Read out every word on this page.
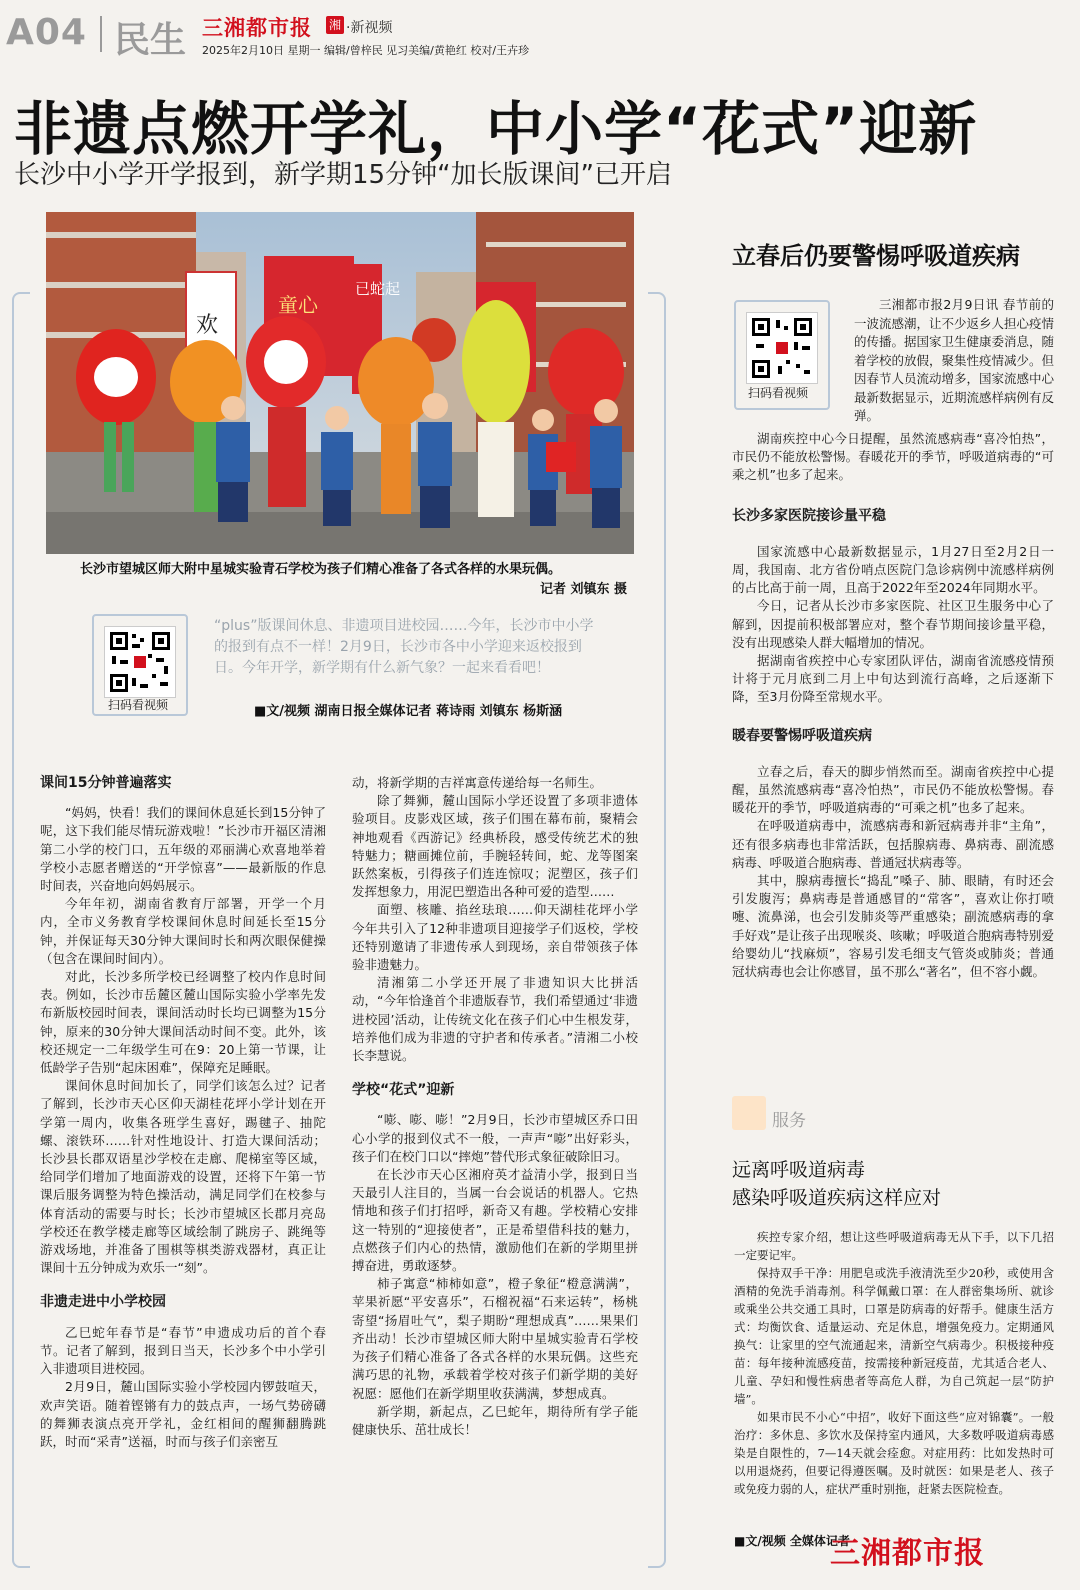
A04 民生 三湘都市报 湘 ·新视频
2025年2月10日 星期一 编辑/曾梓民 见习美编/黄艳红 校对/王卉珍
非遗点燃开学礼，中小学“花式”迎新
长沙中小学开学报到，新学期15分钟“加长版课间”已开启
欢
童心
已蛇起
长沙市望城区师大附中星城实验青石学校为孩子们精心准备了各式各样的水果玩偶。
记者 刘镇东 摄
扫码看视频
“plus”版课间休息、非遗项目进校园……今年，长沙市中小学的报到有点不一样！2月9日，长沙市各中小学迎来返校报到日。今年开学，新学期有什么新气象？一起来看看吧！
■文/视频 湖南日报全媒体记者 蒋诗雨 刘镇东 杨斯涵

课间15分钟普遍落实

“妈妈，快看！我们的课间休息延长到15分钟了呢，这下我们能尽情玩游戏啦！”长沙市开福区清湘第二小学的校门口，五年级的邓丽满心欢喜地举着学校小志愿者赠送的“开学惊喜”——最新版的作息时间表，兴奋地向妈妈展示。

今年年初，湖南省教育厅部署，开学一个月内，全市义务教育学校课间休息时间延长至15分钟，并保证每天30分钟大课间时长和两次眼保健操（包含在课间时间内）。

对此，长沙多所学校已经调整了校内作息时间表。例如，长沙市岳麓区麓山国际实验小学率先发布新版校园时间表，课间活动时长均已调整为15分钟，原来的30分钟大课间活动时间不变。此外，该校还规定一二年级学生可在9：20上第一节课，让低龄学子告别“起床困难”，保障充足睡眠。

课间休息时间加长了，同学们该怎么过？记者了解到，长沙市天心区仰天湖桂花坪小学计划在开学第一周内，收集各班学生喜好，踢毽子、抽陀螺、滚铁环……针对性地设计、打造大课间活动；长沙县长郡双语星沙学校在走廊、爬梯室等区域，给同学们增加了地面游戏的设置，还将下午第一节课后服务调整为特色操活动，满足同学们在校参与体育活动的需要与时长；长沙市望城区长郡月亮岛学校还在教学楼走廊等区域绘制了跳房子、跳绳等游戏场地，并准备了围棋等棋类游戏器材，真正让课间十五分钟成为欢乐一“刻”。

非遗走进中小学校园

乙巳蛇年春节是“春节”申遗成功后的首个春节。记者了解到，报到日当天，长沙多个中小学引入非遗项目进校园。

2月9日，麓山国际实验小学校园内锣鼓喧天，欢声笑语。随着铿锵有力的鼓点声，一场气势磅礴的舞狮表演点亮开学礼，金红相间的醒狮翻腾跳跃，时而“采青”送福，时而与孩子们亲密互

动，将新学期的吉祥寓意传递给每一名师生。

除了舞狮，麓山国际小学还设置了多项非遗体验项目。皮影戏区域，孩子们围在幕布前，聚精会神地观看《西游记》经典桥段，感受传统艺术的独特魅力；糖画摊位前，手腕轻转间，蛇、龙等图案跃然案板，引得孩子们连连惊叹；泥塑区，孩子们发挥想象力，用泥巴塑造出各种可爱的造型……

面塑、核雕、掐丝珐琅……仰天湖桂花坪小学今年共引入了12种非遗项目迎接学子们返校，学校还特别邀请了非遗传承人到现场，亲自带领孩子体验非遗魅力。

清湘第二小学还开展了非遗知识大比拼活动，“今年恰逢首个非遗版春节，我们希望通过‘非遗进校园’活动，让传统文化在孩子们心中生根发芽，培养他们成为非遗的守护者和传承者。”清湘二小校长李慧说。

学校“花式”迎新

“嘭、嘭、嘭！”2月9日，长沙市望城区乔口田心小学的报到仪式不一般，一声声“嘭”出好彩头，孩子们在校门口以“摔炮”替代形式象征破除旧习。

在长沙市天心区湘府英才益清小学，报到日当天最引人注目的，当属一台会说话的机器人。它热情地和孩子们打招呼，新奇又有趣。学校精心安排这一特别的“迎接使者”，正是希望借科技的魅力，点燃孩子们内心的热情，激励他们在新的学期里拼搏奋进，勇敢逐梦。

柿子寓意“柿柿如意”，橙子象征“橙意满满”，苹果祈愿“平安喜乐”，石榴祝福“石来运转”，杨桃寄望“扬眉吐气”，梨子期盼“理想成真”……果果们齐出动！长沙市望城区师大附中星城实验青石学校为孩子们精心准备了各式各样的水果玩偶。这些充满巧思的礼物，承载着学校对孩子们新学期的美好祝愿：愿他们在新学期里收获满满，梦想成真。

新学期，新起点，乙巳蛇年，期待所有学子能健康快乐、茁壮成长！

立春后仍要警惕呼吸道疾病
扫码看视频

三湘都市报2月9日讯 春节前的一波流感潮，让不少返乡人担心疫情的传播。据国家卫生健康委消息，随着学校的放假，聚集性疫情减少。但因春节人员流动增多，国家流感中心最新数据显示，近期流感样病例有反弹。

湖南疾控中心今日提醒，虽然流感病毒“喜冷怕热”，市民仍不能放松警惕。春暖花开的季节，呼吸道病毒的“可乘之机”也多了起来。

长沙多家医院接诊量平稳

国家流感中心最新数据显示，1月27日至2月2日一周，我国南、北方省份哨点医院门急诊病例中流感样病例的占比高于前一周，且高于2022年至2024年同期水平。

今日，记者从长沙市多家医院、社区卫生服务中心了解到，因提前积极部署应对，整个春节期间接诊量平稳，没有出现感染人群大幅增加的情况。

据湖南省疾控中心专家团队评估，湖南省流感疫情预计将于元月底到二月上中旬达到流行高峰，之后逐渐下降，至3月份降至常规水平。

暖春要警惕呼吸道疾病

立春之后，春天的脚步悄然而至。湖南省疾控中心提醒，虽然流感病毒“喜冷怕热”，市民仍不能放松警惕。春暖花开的季节，呼吸道病毒的“可乘之机”也多了起来。

在呼吸道病毒中，流感病毒和新冠病毒并非“主角”，还有很多病毒也非常活跃，包括腺病毒、鼻病毒、副流感病毒、呼吸道合胞病毒、普通冠状病毒等。

其中，腺病毒擅长“捣乱”嗓子、肺、眼睛，有时还会引发腹泻；鼻病毒是普通感冒的“常客”，喜欢让你打喷嚏、流鼻涕，也会引发肺炎等严重感染；副流感病毒的拿手好戏”是让孩子出现喉炎、咳嗽；呼吸道合胞病毒特别爱给婴幼儿“找麻烦”，容易引发毛细支气管炎或肺炎；普通冠状病毒也会让你感冒，虽不那么“著名”，但不容小觑。

服务
远离呼吸道病毒
感染呼吸道疾病这样应对

疾控专家介绍，想让这些呼吸道病毒无从下手，以下几招一定要记牢。

保持双手干净：用肥皂或洗手液清洗至少20秒，或使用含酒精的免洗手消毒剂。科学佩戴口罩：在人群密集场所、就诊或乘坐公共交通工具时，口罩是防病毒的好帮手。健康生活方式：均衡饮食、适量运动、充足休息，增强免疫力。定期通风换气：让家里的空气流通起来，清新空气病毒少。积极接种疫苗：每年接种流感疫苗，按需接种新冠疫苗，尤其适合老人、儿童、孕妇和慢性病患者等高危人群，为自己筑起一层“防护墙”。

如果市民不小心“中招”，收好下面这些“应对锦囊”。一般治疗：多休息、多饮水及保持室内通风，大多数呼吸道病毒感染是自限性的，7—14天就会痊愈。对症用药：比如发热时可以用退烧药，但要记得遵医嘱。及时就医：如果是老人、孩子或免疫力弱的人，症状严重时别拖，赶紧去医院检查。

■文/视频 全媒体记者
三湘都市报
